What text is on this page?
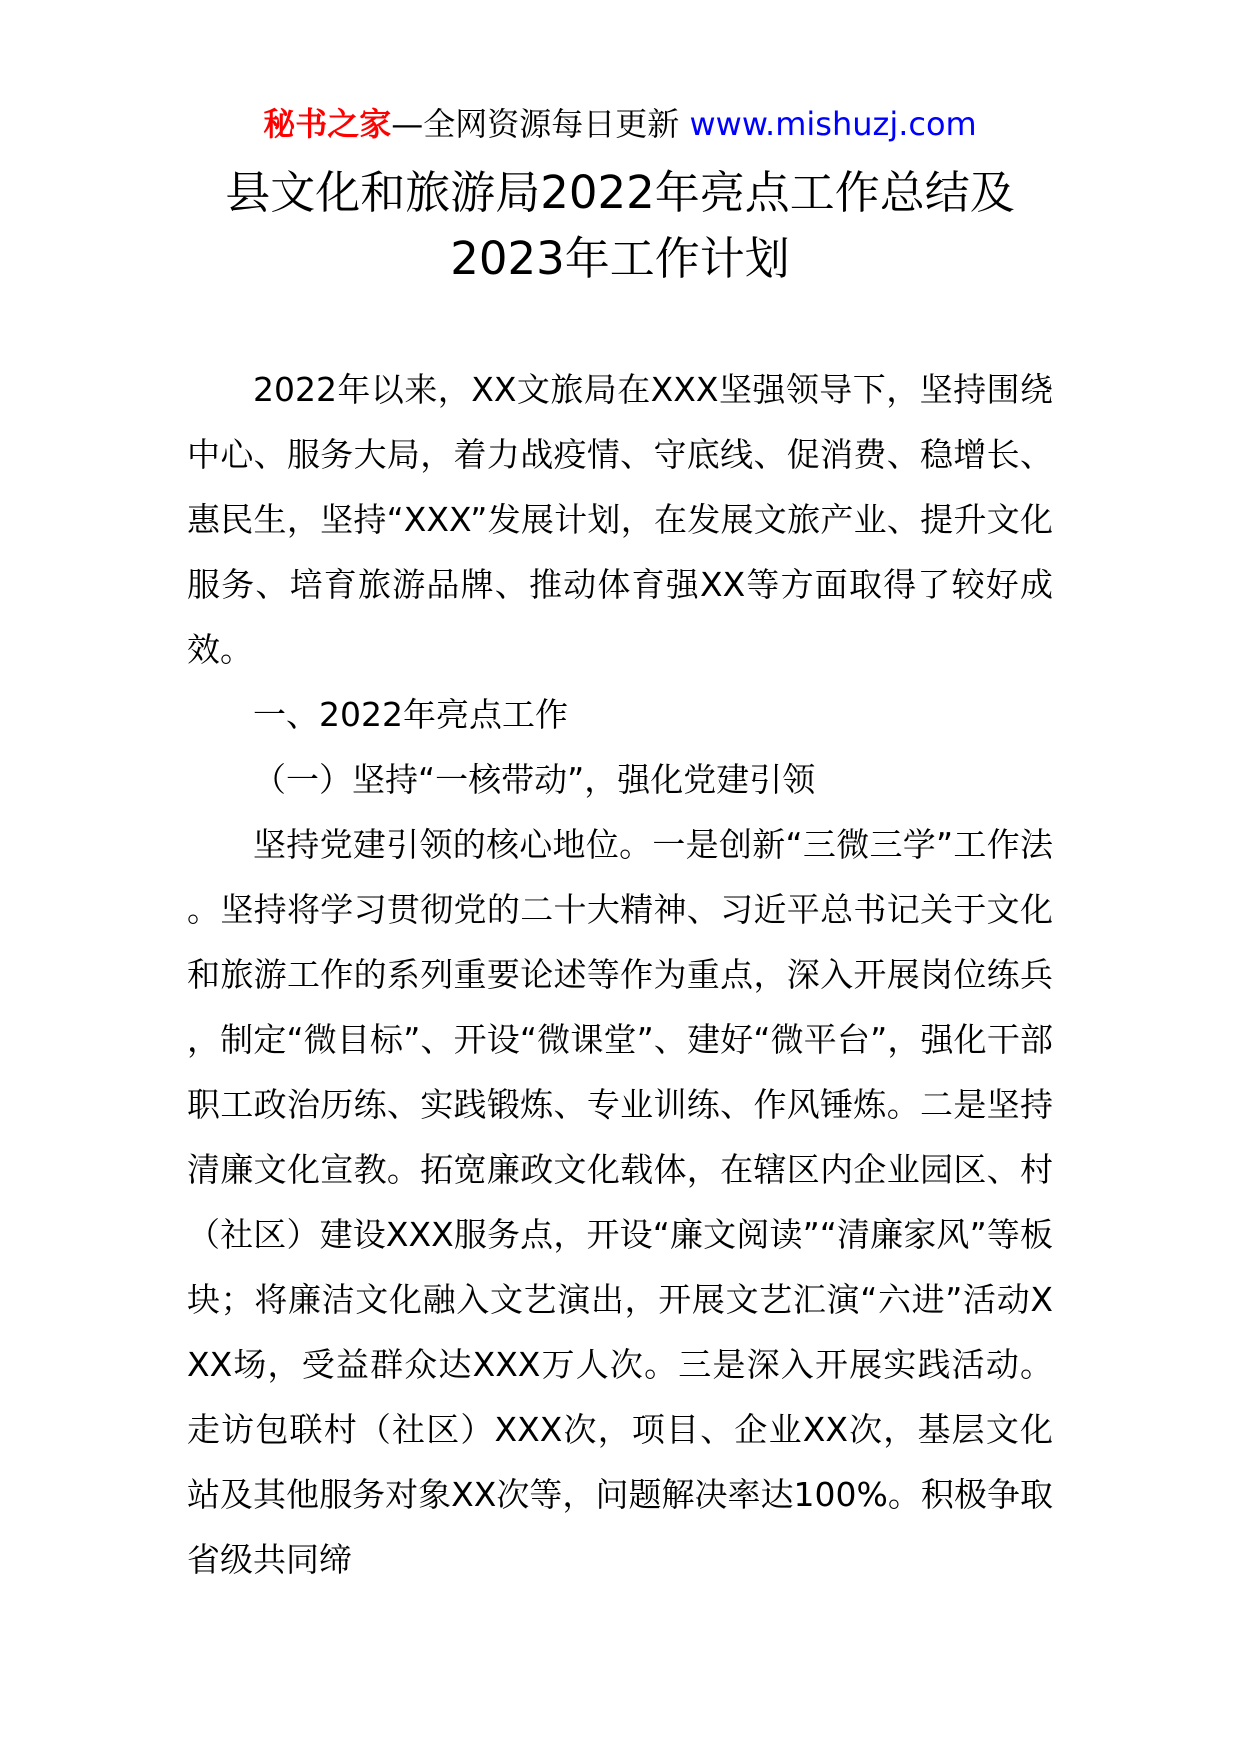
秘书之家—全网资源每日更新 www.mishuzj.com
县文化和旅游局2022年亮点工作总结及
2023年工作计划

2022年以来，XX文旅局在XXX坚强领导下，坚持围绕中心、服务大局，着力战疫情、守底线、促消费、稳增长、惠民生，坚持“XXX”发展计划，在发展文旅产业、提升文化服务、培育旅游品牌、推动体育强XX等方面取得了较好成效。

一、2022年亮点工作

（一）坚持“一核带动”，强化党建引领

坚持党建引领的核心地位。一是创新“三微三学”工作法。坚持将学习贯彻党的二十大精神、习近平总书记关于文化和旅游工作的系列重要论述等作为重点，深入开展岗位练兵，制定“微目标”、开设“微课堂”、建好“微平台”，强化干部职工政治历练、实践锻炼、专业训练、作风锤炼。二是坚持清廉文化宣教。拓宽廉政文化载体，在辖区内企业园区、村（社区）建设XXX服务点，开设“廉文阅读”“清廉家风”等板块；将廉洁文化融入文艺演出，开展文艺汇演“六进”活动XXX场，受益群众达XXX万人次。三是深入开展实践活动。走访包联村（社区）XXX次，项目、企业XX次，基层文化站及其他服务对象XX次等，问题解决率达100%。积极争取省级共同缔
